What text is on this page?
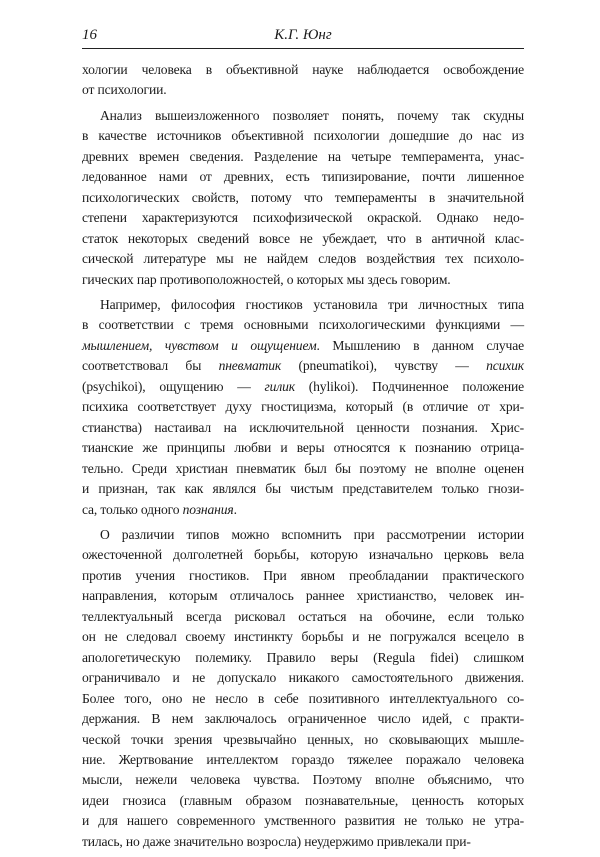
16	К.Г. Юнг

хологии человека в объективной науке наблюдается освобождение
от психологии.

Анализ вышеизложенного позволяет понять, почему так скудны
в качестве источников объективной психологии дошедшие до нас из
древних времен сведения. Разделение на четыре темперамента, унас-
ледованное нами от древних, есть типизирование, почти лишенное
психологических свойств, потому что темпераменты в значительной
степени характеризуются психофизической окраской. Однако недо-
статок некоторых сведений вовсе не убеждает, что в античной клас-
сической литературе мы не найдем следов воздействия тех психоло-
гических пар противоположностей, о которых мы здесь говорим.

Например, философия гностиков установила три личностных типа
в соответствии с тремя основными психологическими функциями —
мышлением, чувством и ощущением. Мышлению в данном случае
соответствовал бы пневматик (pneumatikoi), чувству — психик
(psychikoi), ощущению — гилик (hylikoi). Подчиненное положение
психика соответствует духу гностицизма, который (в отличие от хри-
стианства) настаивал на исключительной ценности познания. Хрис-
тианские же принципы любви и веры относятся к познанию отрица-
тельно. Среди христиан пневматик был бы поэтому не вполне оценен
и признан, так как являлся бы чистым представителем только гнози-
са, только одного познания.

О различии типов можно вспомнить при рассмотрении истории
ожесточенной долголетней борьбы, которую изначально церковь вела
против учения гностиков. При явном преобладании практического
направления, которым отличалось раннее христианство, человек ин-
теллектуальный всегда рисковал остаться на обочине, если только
он не следовал своему инстинкту борьбы и не погружался всецело в
апологетическую полемику. Правило веры (Regula fidei) слишком
ограничивало и не допускало никакого самостоятельного движения.
Более того, оно не несло в себе позитивного интеллектуального со-
держания. В нем заключалось ограниченное число идей, с практи-
ческой точки зрения чрезвычайно ценных, но сковывающих мышле-
ние. Жертвование интеллектом гораздо тяжелее поражало человека
мысли, нежели человека чувства. Поэтому вполне объяснимо, что
идеи гнозиса (главным образом познавательные, ценность которых
и для нашего современного умственного развития не только не утра-
тилась, но даже значительно возросла) неудержимо привлекали при-
